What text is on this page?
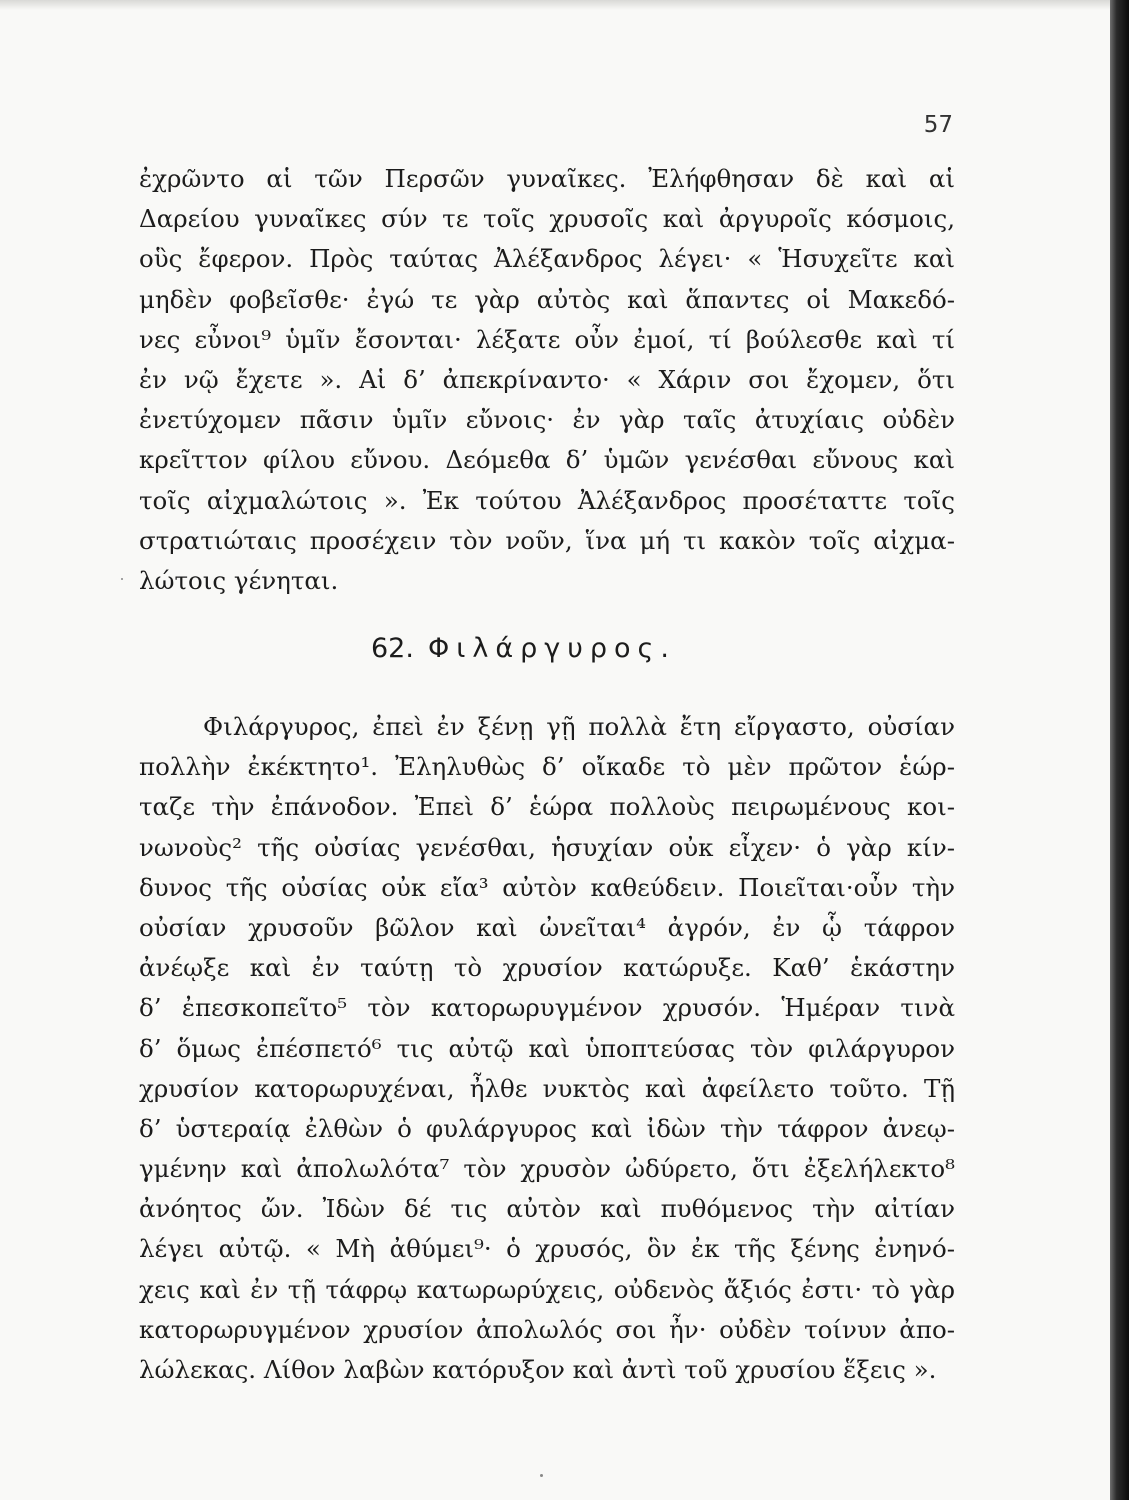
57
ἐχρῶντο αἱ τῶν Περσῶν γυναῖκες. Ἐλήφθησαν δὲ καὶ αἱ
Δαρείου γυναῖκες σύν τε τοῖς χρυσοῖς καὶ ἀργυροῖς κόσμοις,
οὓς ἔφερον. Πρὸς ταύτας Ἀλέξανδρος λέγει· « Ἡσυχεῖτε καὶ
μηδὲν φοβεῖσθε· ἐγώ τε γὰρ αὐτὸς καὶ ἅπαντες οἱ Μακεδό-
νες εὖνοι⁹ ὑμῖν ἔσονται· λέξατε οὖν ἐμοί, τί βούλεσθε καὶ τί
ἐν νῷ ἔχετε ». Αἱ δ’ ἀπεκρίναντο· « Χάριν σοι ἔχομεν, ὅτι
ἐνετύχομεν πᾶσιν ὑμῖν εὔνοις· ἐν γὰρ ταῖς ἀτυχίαις οὐδὲν
κρεῖττον φίλου εὔνου. Δεόμεθα δ’ ὑμῶν γενέσθαι εὔνους καὶ
τοῖς αἰχμαλώτοις ». Ἐκ τούτου Ἀλέξανδρος προσέταττε τοῖς
στρατιώταις προσέχειν τὸν νοῦν, ἵνα μή τι κακὸν τοῖς αἰχμα-
λώτοις γένηται.
62. Φιλάργυρος.
Φιλάργυρος, ἐπεὶ ἐν ξένῃ γῇ πολλὰ ἔτη εἴργαστο, οὐσίαν
πολλὴν ἐκέκτητο¹. Ἐληλυθὼς δ’ οἴκαδε τὸ μὲν πρῶτον ἑώρ-
ταζε τὴν ἐπάνοδον. Ἐπεὶ δ’ ἑώρα πολλοὺς πειρωμένους κοι-
νωνοὺς² τῆς οὐσίας γενέσθαι, ἡσυχίαν οὐκ εἶχεν· ὁ γὰρ κίν-
δυνος τῆς οὐσίας οὐκ εἴα³ αὐτὸν καθεύδειν. Ποιεῖται·οὖν τὴν
οὐσίαν χρυσοῦν βῶλον καὶ ὠνεῖται⁴ ἀγρόν, ἐν ᾧ τάφρον
ἀνέῳξε καὶ ἐν ταύτῃ τὸ χρυσίον κατώρυξε. Καθ’ ἑκάστην
δ’ ἐπεσκοπεῖτο⁵ τὸν κατορωρυγμένον χρυσόν. Ἡμέραν τινὰ
δ’ ὅμως ἐπέσπετό⁶ τις αὐτῷ καὶ ὑποπτεύσας τὸν φιλάργυρον
χρυσίον κατορωρυχέναι, ἦλθε νυκτὸς καὶ ἀφείλετο τοῦτο. Τῇ
δ’ ὑστεραίᾳ ἐλθὼν ὁ φυλάργυρος καὶ ἰδὼν τὴν τάφρον ἀνεῳ-
γμένην καὶ ἀπολωλότα⁷ τὸν χρυσὸν ὠδύρετο, ὅτι ἐξελήλεκτο⁸
ἀνόητος ὤν. Ἰδὼν δέ τις αὐτὸν καὶ πυθόμενος τὴν αἰτίαν
λέγει αὐτῷ. « Μὴ ἀθύμει⁹· ὁ χρυσός, ὃν ἐκ τῆς ξένης ἐνηνό-
χεις καὶ ἐν τῇ τάφρῳ κατωρωρύχεις, οὐδενὸς ἄξιός ἐστι· τὸ γὰρ
κατορωρυγμένον χρυσίον ἀπολωλός σοι ἦν· οὐδὲν τοίνυν ἀπο-
λώλεκας. Λίθον λαβὼν κατόρυξον καὶ ἀντὶ τοῦ χρυσίου ἕξεις ».
